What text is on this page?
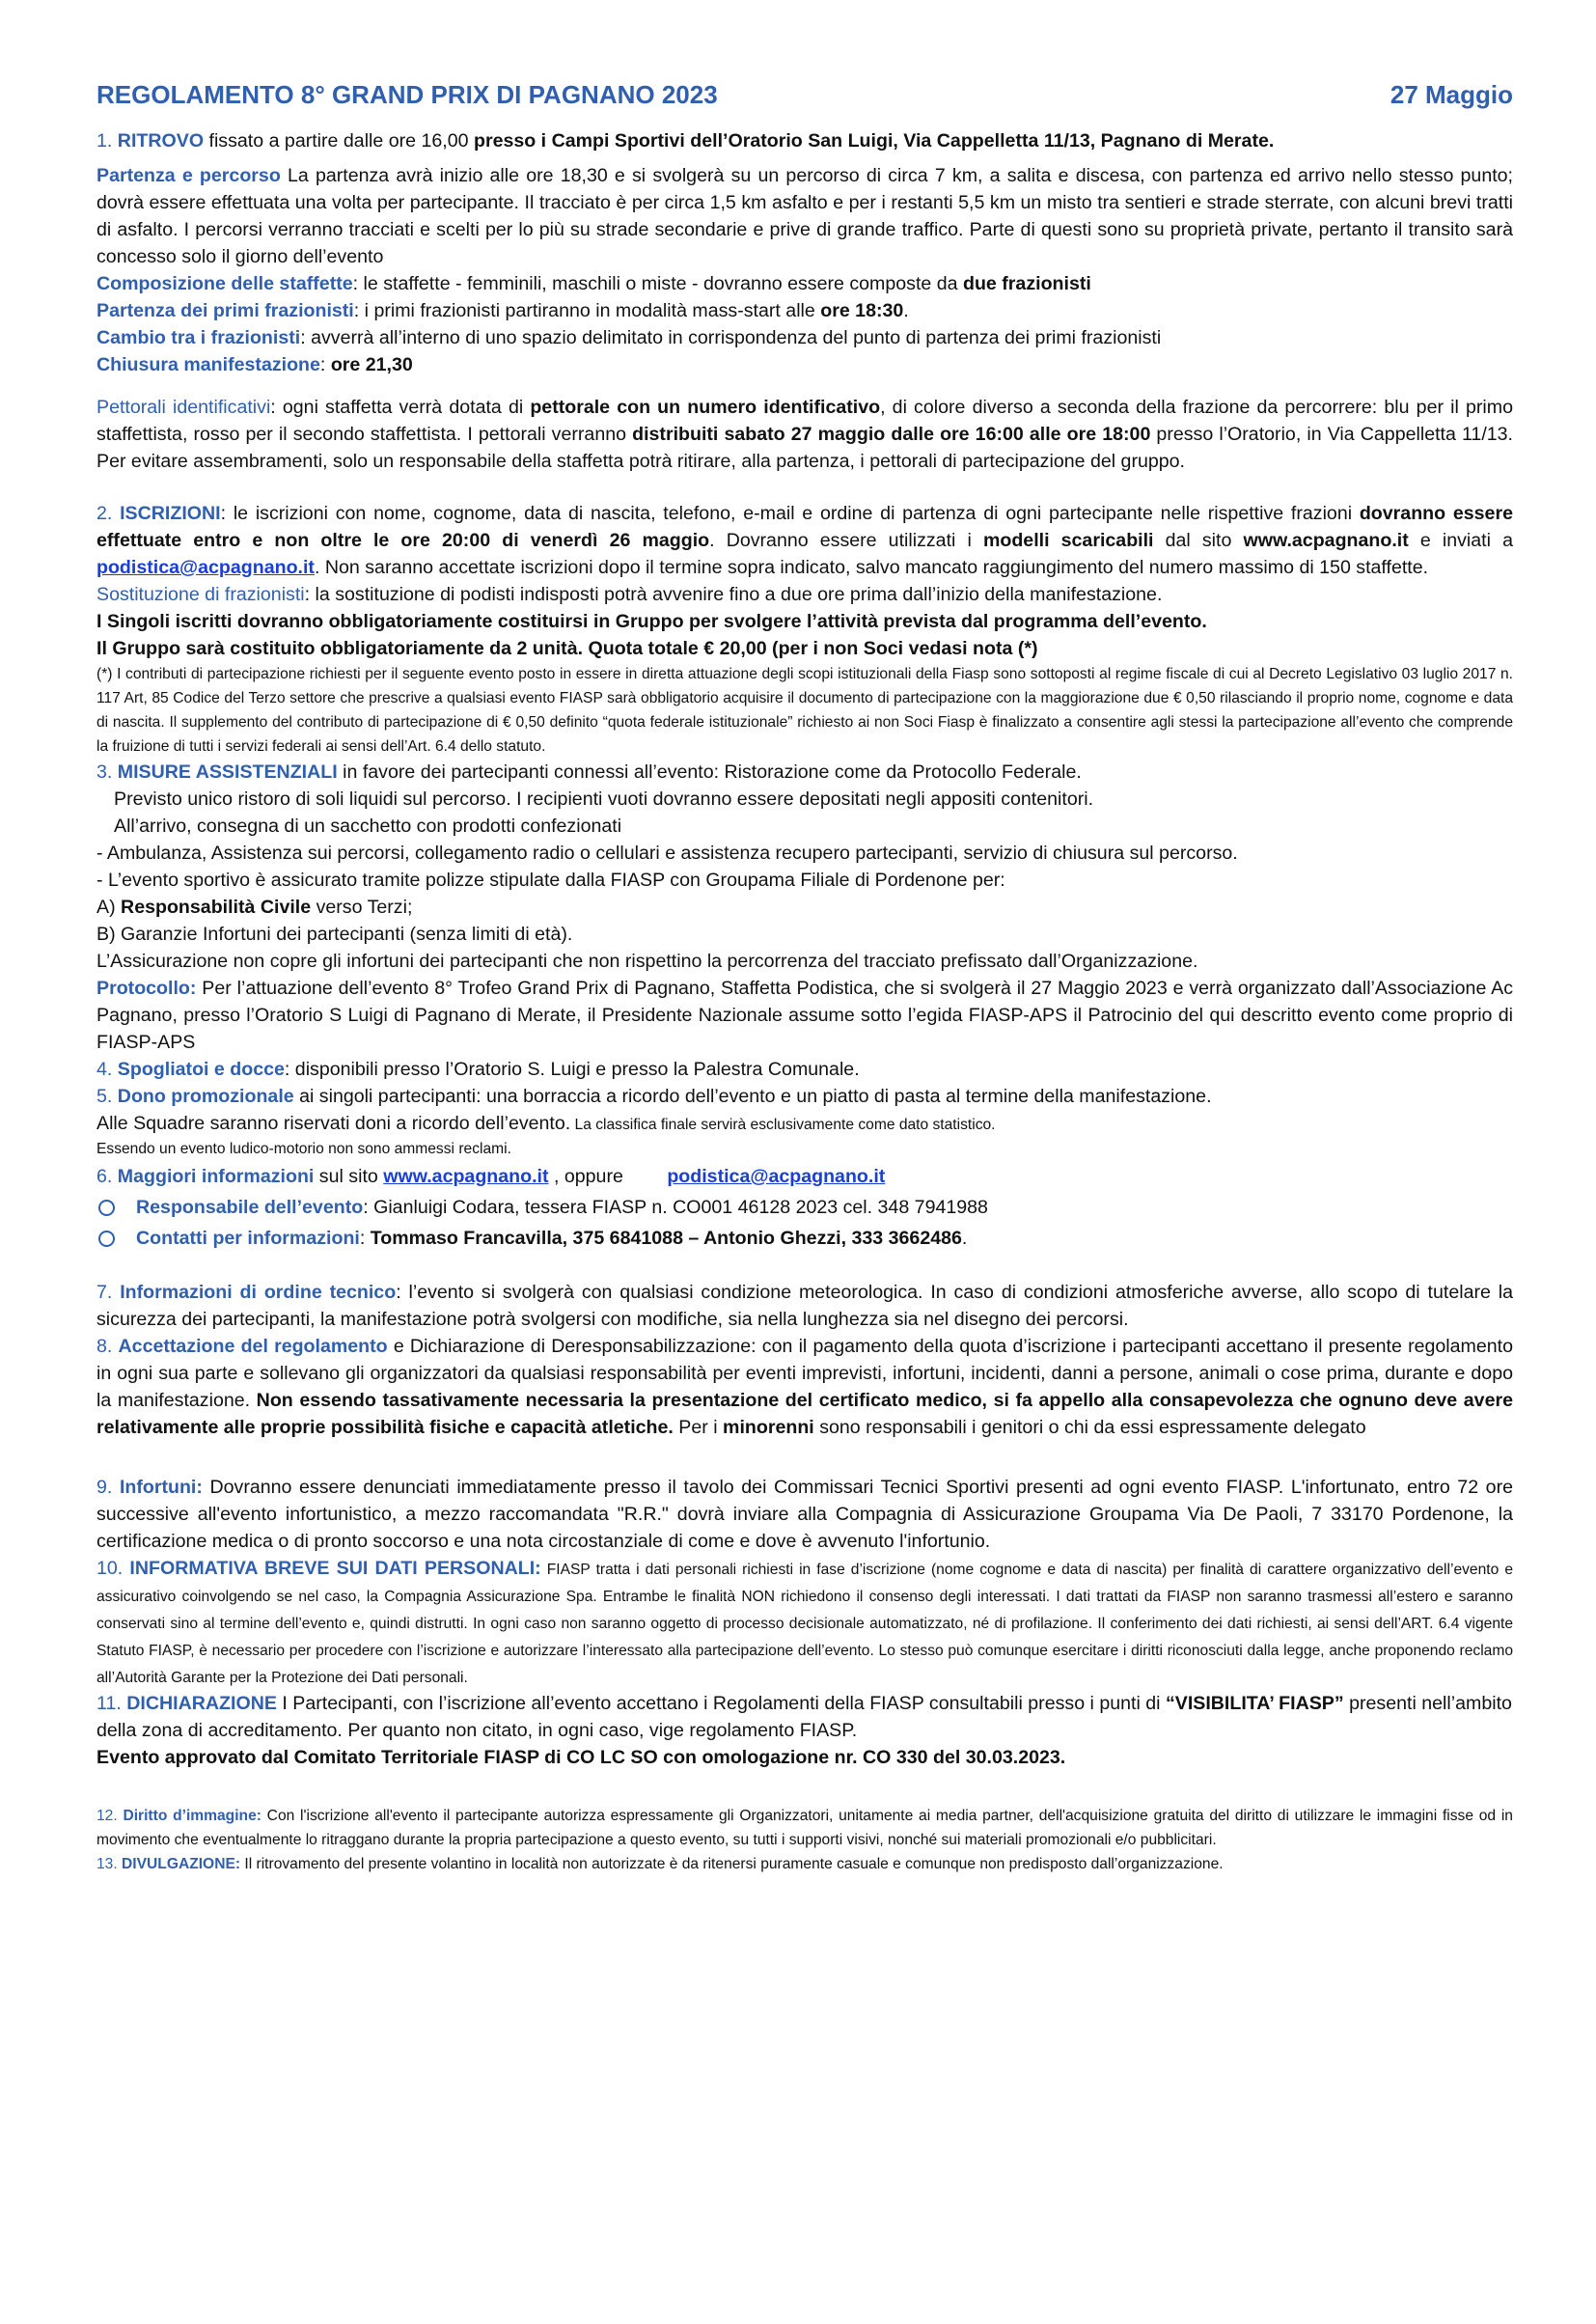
REGOLAMENTO 8° GRAND PRIX DI PAGNANO 2023	27 Maggio

1. RITROVO fissato a partire dalle ore 16,00 presso i Campi Sportivi dell’Oratorio San Luigi, Via Cappelletta 11/13, Pagnano di Merate.

Partenza e percorso La partenza avrà inizio alle ore 18,30 e si svolgerà su un percorso di circa 7 km, a salita e discesa, con partenza ed arrivo nello stesso punto; dovrà essere effettuata una volta per partecipante. Il tracciato è per circa 1,5 km asfalto e per i restanti 5,5 km un misto tra sentieri e strade sterrate, con alcuni brevi tratti di asfalto. I percorsi verranno tracciati e scelti per lo più su strade secondarie e prive di grande traffico. Parte di questi sono su proprietà private, pertanto il transito sarà concesso solo il giorno dell’evento

Composizione delle staffette: le staffette - femminili, maschili o miste - dovranno essere composte da due frazionisti

Partenza dei primi frazionisti: i primi frazionisti partiranno in modalità mass-start alle ore 18:30.

Cambio tra i frazionisti: avverrà all’interno di uno spazio delimitato in corrispondenza del punto di partenza dei primi frazionisti

Chiusura manifestazione: ore 21,30

Pettorali identificativi: ogni staffetta verrà dotata di pettorale con un numero identificativo, di colore diverso a seconda della frazione da percorrere: blu per il primo staffettista, rosso per il secondo staffettista. I pettorali verranno distribuiti sabato 27 maggio dalle ore 16:00 alle ore 18:00 presso l’Oratorio, in Via Cappelletta 11/13. Per evitare assembramenti, solo un responsabile della staffetta potrà ritirare, alla partenza, i pettorali di partecipazione del gruppo.

2. ISCRIZIONI: le iscrizioni con nome, cognome, data di nascita, telefono, e-mail e ordine di partenza di ogni partecipante nelle rispettive frazioni dovranno essere effettuate entro e non oltre le ore 20:00 di venerdì 26 maggio. Dovranno essere utilizzati i modelli scaricabili dal sito www.acpagnano.it e inviati a podistica@acpagnano.it. Non saranno accettate iscrizioni dopo il termine sopra indicato, salvo mancato raggiungimento del numero massimo di 150 staffette.

Sostituzione di frazionisti: la sostituzione di podisti indisposti potrà avvenire fino a due ore prima dall’inizio della manifestazione.

I Singoli iscritti dovranno obbligatoriamente costituirsi in Gruppo per svolgere l’attività prevista dal programma dell’evento.

Il Gruppo sarà costituito obbligatoriamente da 2 unità. Quota totale € 20,00 (per i non Soci vedasi nota (*)

(*) I contributi di partecipazione richiesti per il seguente evento posto in essere in diretta attuazione degli scopi istituzionali della Fiasp sono sottoposti al regime fiscale di cui al Decreto Legislativo 03 luglio 2017 n. 117 Art, 85 Codice del Terzo settore che prescrive a qualsiasi evento FIASP sarà obbligatorio acquisire il documento di partecipazione con la maggiorazione due € 0,50 rilasciando il proprio nome, cognome e data di nascita. Il supplemento del contributo di partecipazione di € 0,50 definito “quota federale istituzionale” richiesto ai non Soci Fiasp è finalizzato a consentire agli stessi la partecipazione all’evento che comprende la fruizione di tutti i servizi federali ai sensi dell’Art. 6.4 dello statuto.

3. MISURE ASSISTENZIALI in favore dei partecipanti connessi all’evento: Ristorazione come da Protocollo Federale.

Previsto unico ristoro di soli liquidi sul percorso. I recipienti vuoti dovranno essere depositati negli appositi contenitori.

All’arrivo, consegna di un sacchetto con prodotti confezionati

- Ambulanza, Assistenza sui percorsi, collegamento radio o cellulari e assistenza recupero partecipanti, servizio di chiusura sul percorso.

- L’evento sportivo è assicurato tramite polizze stipulate dalla FIASP con Groupama Filiale di Pordenone per:

A) Responsabilità Civile verso Terzi;

B) Garanzie Infortuni dei partecipanti (senza limiti di età).

L’Assicurazione non copre gli infortuni dei partecipanti che non rispettino la percorrenza del tracciato prefissato dall’Organizzazione.

Protocollo: Per l’attuazione dell’evento 8° Trofeo Grand Prix di Pagnano, Staffetta Podistica, che si svolgerà il 27 Maggio 2023 e verrà organizzato dall’Associazione Ac Pagnano, presso l’Oratorio S Luigi di Pagnano di Merate, il Presidente Nazionale assume sotto l’egida FIASP-APS il Patrocinio del qui descritto evento come proprio di FIASP-APS

4. Spogliatoi e docce: disponibili presso l’Oratorio S. Luigi e presso la Palestra Comunale.

5. Dono promozionale ai singoli partecipanti: una borraccia a ricordo dell’evento e un piatto di pasta al termine della manifestazione.

Alle Squadre saranno riservati doni a ricordo dell’evento. La classifica finale servirà esclusivamente come dato statistico.

Essendo un evento ludico-motorio non sono ammessi reclami.

6. Maggiori informazioni sul sito www.acpagnano.it , oppure podistica@acpagnano.it

Responsabile dell’evento: Gianluigi Codara, tessera FIASP n. CO001 46128 2023 cel. 348 7941988
Contatti per informazioni: Tommaso Francavilla, 375 6841088 – Antonio Ghezzi, 333 3662486.

7. Informazioni di ordine tecnico: l’evento si svolgerà con qualsiasi condizione meteorologica. In caso di condizioni atmosferiche avverse, allo scopo di tutelare la sicurezza dei partecipanti, la manifestazione potrà svolgersi con modifiche, sia nella lunghezza sia nel disegno dei percorsi.

8. Accettazione del regolamento e Dichiarazione di Deresponsabilizzazione: con il pagamento della quota d’iscrizione i partecipanti accettano il presente regolamento in ogni sua parte e sollevano gli organizzatori da qualsiasi responsabilità per eventi imprevisti, infortuni, incidenti, danni a persone, animali o cose prima, durante e dopo la manifestazione. Non essendo tassativamente necessaria la presentazione del certificato medico, si fa appello alla consapevolezza che ognuno deve avere relativamente alle proprie possibilità fisiche e capacità atletiche. Per i minorenni sono responsabili i genitori o chi da essi espressamente delegato

9. Infortuni: Dovranno essere denunciati immediatamente presso il tavolo dei Commissari Tecnici Sportivi presenti ad ogni evento FIASP. L'infortunato, entro 72 ore successive all'evento infortunistico, a mezzo raccomandata "R.R." dovrà inviare alla Compagnia di Assicurazione Groupama Via De Paoli, 7 33170 Pordenone, la certificazione medica o di pronto soccorso e una nota circostanziale di come e dove è avvenuto l'infortunio.

10. INFORMATIVA BREVE SUI DATI PERSONALI: FIASP tratta i dati personali richiesti in fase d’iscrizione (nome cognome e data di nascita) per finalità di carattere organizzativo dell’evento e assicurativo coinvolgendo se nel caso, la Compagnia Assicurazione Spa. Entrambe le finalità NON richiedono il consenso degli interessati. I dati trattati da FIASP non saranno trasmessi all’estero e saranno conservati sino al termine dell’evento e, quindi distrutti. In ogni caso non saranno oggetto di processo decisionale automatizzato, né di profilazione. Il conferimento dei dati richiesti, ai sensi dell’ART. 6.4 vigente Statuto FIASP, è necessario per procedere con l’iscrizione e autorizzare l’interessato alla partecipazione dell’evento. Lo stesso può comunque esercitare i diritti riconosciuti dalla legge, anche proponendo reclamo all’Autorità Garante per la Protezione dei Dati personali.

11. DICHIARAZIONE I Partecipanti, con l’iscrizione all’evento accettano i Regolamenti della FIASP consultabili presso i punti di “VISIBILITA’ FIASP” presenti nell’ambito della zona di accreditamento. Per quanto non citato, in ogni caso, vige regolamento FIASP.

Evento approvato dal Comitato Territoriale FIASP di CO LC SO con omologazione nr. CO 330 del 30.03.2023.

12. Diritto d’immagine: Con l'iscrizione all'evento il partecipante autorizza espressamente gli Organizzatori, unitamente ai media partner, dell'acquisizione gratuita del diritto di utilizzare le immagini fisse od in movimento che eventualmente lo ritraggano durante la propria partecipazione a questo evento, su tutti i supporti visivi, nonché sui materiali promozionali e/o pubblicitari.

13. DIVULGAZIONE: Il ritrovamento del presente volantino in località non autorizzate è da ritenersi puramente casuale e comunque non predisposto dall’organizzazione.
